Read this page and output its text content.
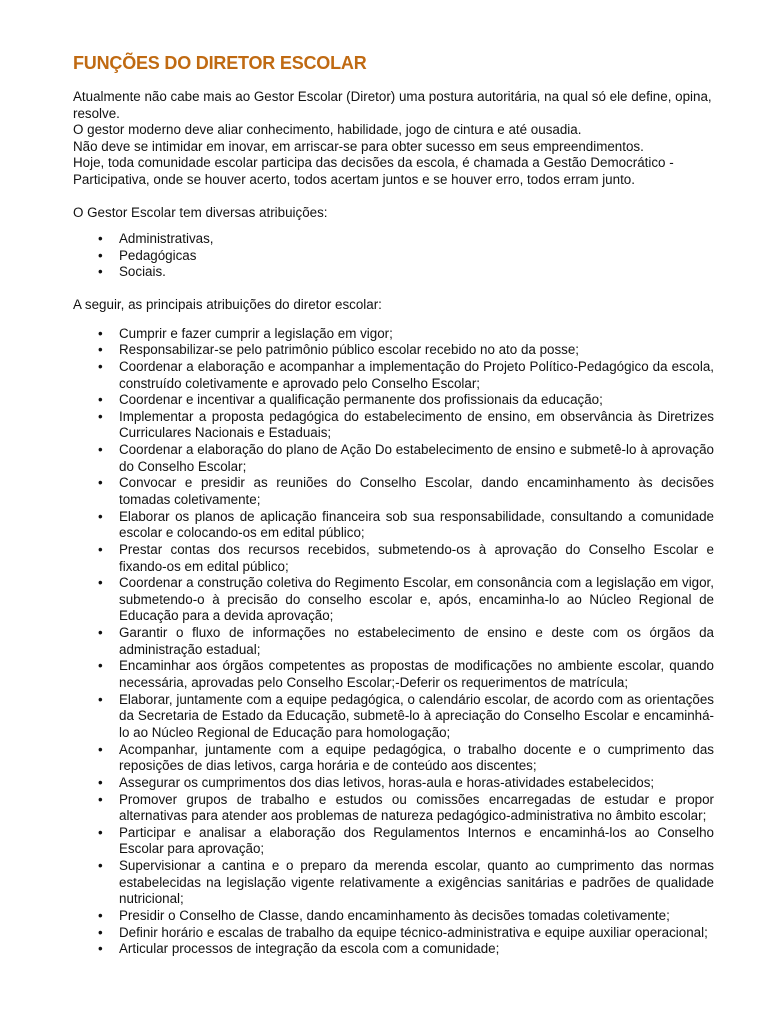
FUNÇÕES DO DIRETOR ESCOLAR

Atualmente não cabe mais ao Gestor Escolar (Diretor) uma postura autoritária, na qual só ele define, opina, resolve.

O gestor moderno deve aliar conhecimento, habilidade, jogo de cintura e até ousadia.

Não deve se intimidar em inovar, em arriscar-se para obter sucesso em seus empreendimentos.

Hoje, toda comunidade escolar participa das decisões da escola, é chamada a Gestão Democrático - Participativa, onde se houver acerto, todos acertam juntos e se houver erro, todos erram junto.

O Gestor Escolar tem diversas atribuições:

• Administrativas,
• Pedagógicas
• Sociais.

A seguir, as principais atribuições do diretor escolar:

• Cumprir e fazer cumprir a legislação em vigor;
• Responsabilizar-se pelo patrimônio público escolar recebido no ato da posse;
• Coordenar a elaboração e acompanhar a implementação do Projeto Político-Pedagógico da escola, construído coletivamente e aprovado pelo Conselho Escolar;
• Coordenar e incentivar a qualificação permanente dos profissionais da educação;
• Implementar a proposta pedagógica do estabelecimento de ensino, em observância às Diretrizes Curriculares Nacionais e Estaduais;
• Coordenar a elaboração do plano de Ação Do estabelecimento de ensino e submetê-lo à aprovação do Conselho Escolar;
• Convocar e presidir as reuniões do Conselho Escolar, dando encaminhamento às decisões tomadas coletivamente;
• Elaborar os planos de aplicação financeira sob sua responsabilidade, consultando a comunidade escolar e colocando-os em edital público;
• Prestar contas dos recursos recebidos, submetendo-os à aprovação do Conselho Escolar e fixando-os em edital público;
• Coordenar a construção coletiva do Regimento Escolar, em consonância com a legislação em vigor, submetendo-o à precisão do conselho escolar e, após, encaminha-lo ao Núcleo Regional de Educação para a devida aprovação;
• Garantir o fluxo de informações no estabelecimento de ensino e deste com os órgãos da administração estadual;
• Encaminhar aos órgãos competentes as propostas de modificações no ambiente escolar, quando necessária, aprovadas pelo Conselho Escolar;-Deferir os requerimentos de matrícula;
• Elaborar, juntamente com a equipe pedagógica, o calendário escolar, de acordo com as orientações da Secretaria de Estado da Educação, submetê-lo à apreciação do Conselho Escolar e encaminhá-lo ao Núcleo Regional de Educação para homologação;
• Acompanhar, juntamente com a equipe pedagógica, o trabalho docente e o cumprimento das reposições de dias letivos, carga horária e de conteúdo aos discentes;
• Assegurar os cumprimentos dos dias letivos, horas-aula e horas-atividades estabelecidos;
• Promover grupos de trabalho e estudos ou comissões encarregadas de estudar e propor alternativas para atender aos problemas de natureza pedagógico-administrativa no âmbito escolar;
• Participar e analisar a elaboração dos Regulamentos Internos e encaminhá-los ao Conselho Escolar para aprovação;
• Supervisionar a cantina e o preparo da merenda escolar, quanto ao cumprimento das normas estabelecidas na legislação vigente relativamente a exigências sanitárias e padrões de qualidade nutricional;
• Presidir o Conselho de Classe, dando encaminhamento às decisões tomadas coletivamente;
• Definir horário e escalas de trabalho da equipe técnico-administrativa e equipe auxiliar operacional;
• Articular processos de integração da escola com a comunidade;
